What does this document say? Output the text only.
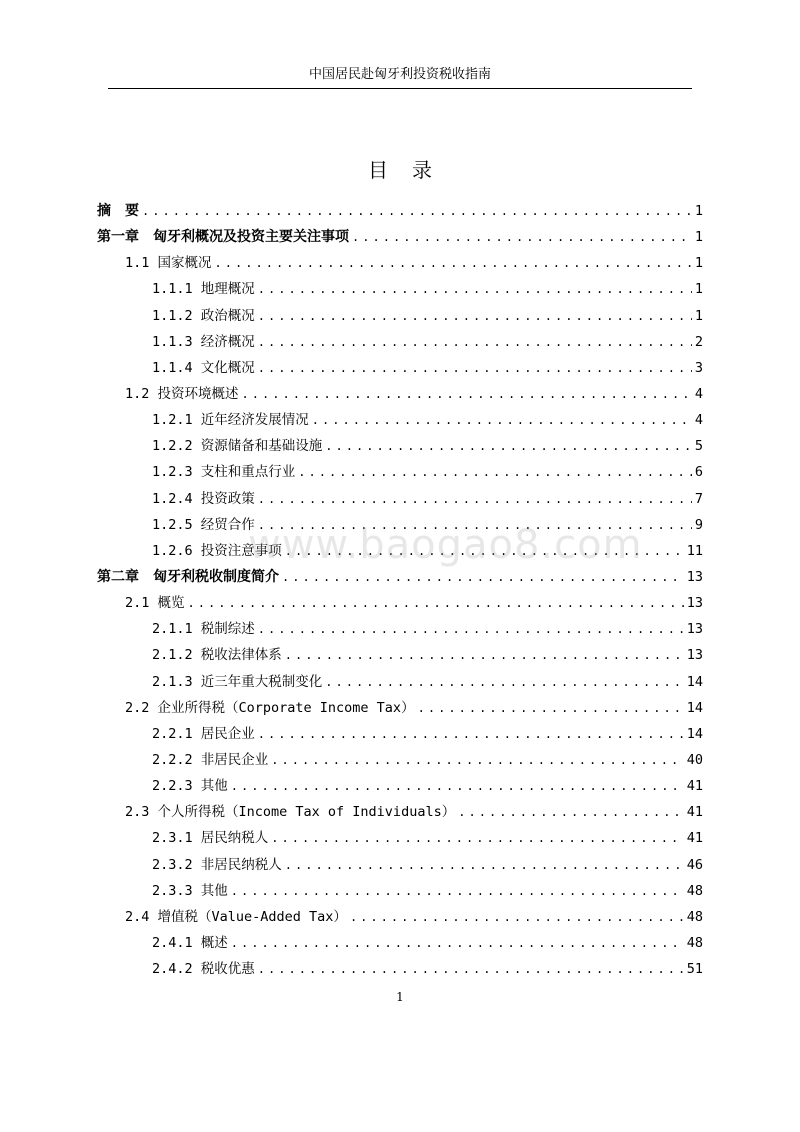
中国居民赴匈牙利投资税收指南
目录
摘　要 . . .	1
第一章　匈牙利概况及投资主要关注事项 . . .	1
1.1 国家概况 . . .	1
1.1.1 地理概况 . . .	1
1.1.2 政治概况 . . .	1
1.1.3 经济概况 . . .	2
1.1.4 文化概况 . . .	3
1.2 投资环境概述 . . .	4
1.2.1 近年经济发展情况 . . .	4
1.2.2 资源储备和基础设施 . . .	5
1.2.3 支柱和重点行业 . . .	6
1.2.4 投资政策 . . .	7
1.2.5 经贸合作 . . .	9
1.2.6 投资注意事项 . . .	11
第二章　匈牙利税收制度简介 . . .	13
2.1 概览 . . .	13
2.1.1 税制综述 . . .	13
2.1.2 税收法律体系 . . .	13
2.1.3 近三年重大税制变化 . . .	14
2.2 企业所得税（Corporate Income Tax） . . .	14
2.2.1 居民企业 . . .	14
2.2.2 非居民企业 . . .	40
2.2.3 其他 . . .	41
2.3 个人所得税（Income Tax of Individuals） . . .	41
2.3.1 居民纳税人 . . .	41
2.3.2 非居民纳税人 . . .	46
2.3.3 其他 . . .	48
2.4 增值税（Value-Added Tax） . . .	48
2.4.1 概述 . . .	48
2.4.2 税收优惠 . . .	51
www.baogao8.com
1
